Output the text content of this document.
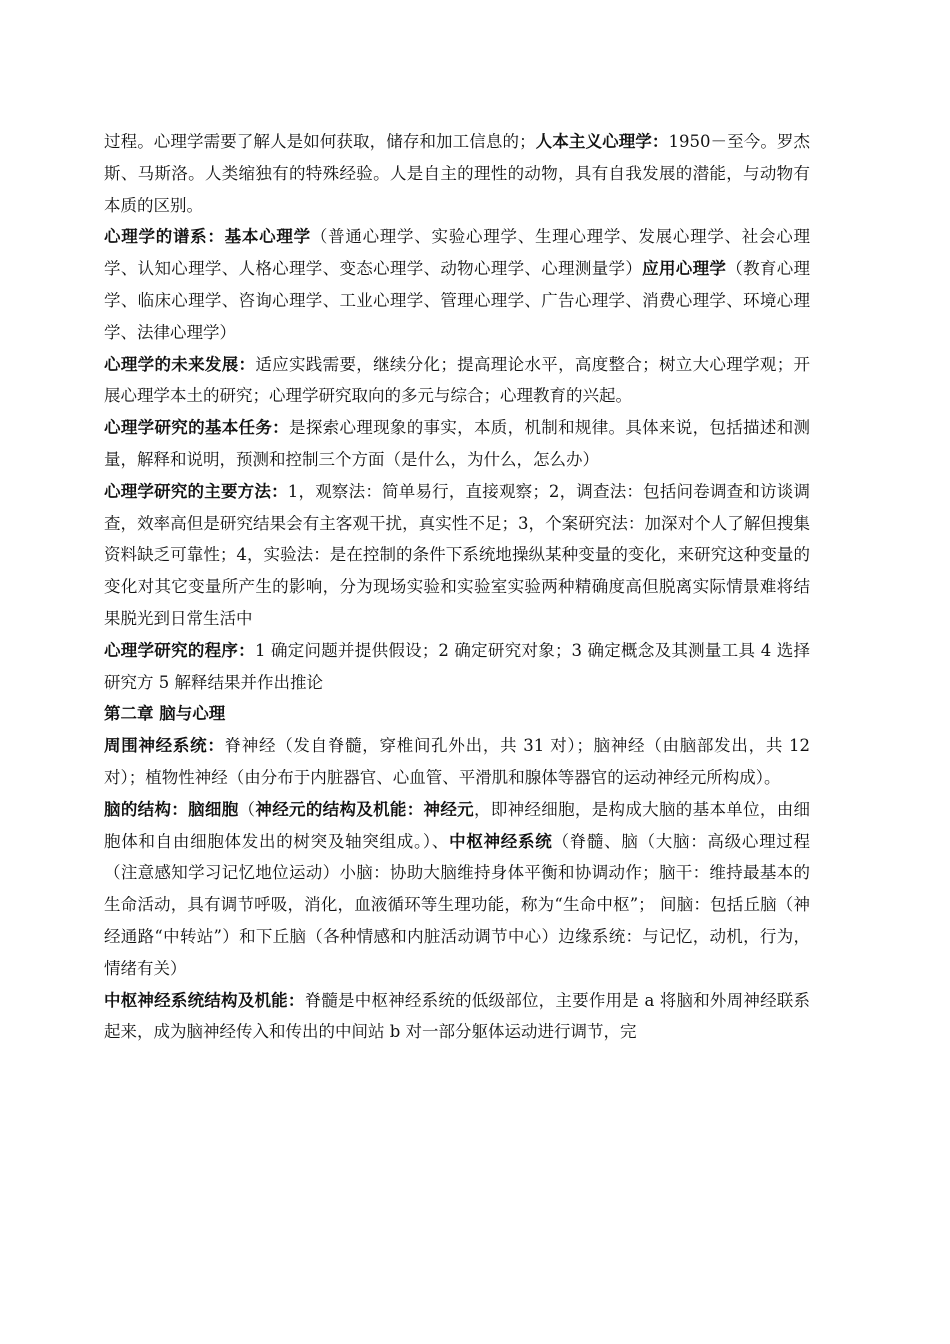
过程。心理学需要了解人是如何获取，储存和加工信息的；人本主义心理学：1950－至今。罗杰斯、马斯洛。人类缩独有的特殊经验。人是自主的理性的动物，具有自我发展的潜能，与动物有本质的区别。

心理学的谱系：基本心理学（普通心理学、实验心理学、生理心理学、发展心理学、社会心理学、认知心理学、人格心理学、变态心理学、动物心理学、心理测量学）应用心理学（教育心理学、临床心理学、咨询心理学、工业心理学、管理心理学、广告心理学、消费心理学、环境心理学、法律心理学）

心理学的未来发展：适应实践需要，继续分化；提高理论水平，高度整合；树立大心理学观；开展心理学本土的研究；心理学研究取向的多元与综合；心理教育的兴起。

心理学研究的基本任务：是探索心理现象的事实，本质，机制和规律。具体来说，包括描述和测量，解释和说明，预测和控制三个方面（是什么，为什么，怎么办）

心理学研究的主要方法：1，观察法：简单易行，直接观察；2，调查法：包括问卷调查和访谈调查，效率高但是研究结果会有主客观干扰，真实性不足；3，个案研究法：加深对个人了解但搜集资料缺乏可靠性；4，实验法：是在控制的条件下系统地操纵某种变量的变化，来研究这种变量的变化对其它变量所产生的影响，分为现场实验和实验室实验两种精确度高但脱离实际情景难将结果脱光到日常生活中

心理学研究的程序：1 确定问题并提供假设；2 确定研究对象；3 确定概念及其测量工具 4 选择研究方 5 解释结果并作出推论

第二章 脑与心理

周围神经系统：脊神经（发自脊髓，穿椎间孔外出，共 31 对）；脑神经（由脑部发出，共 12 对）；植物性神经（由分布于内脏器官、心血管、平滑肌和腺体等器官的运动神经元所构成）。

脑的结构：脑细胞（神经元的结构及机能：神经元，即神经细胞，是构成大脑的基本单位，由细胞体和自由细胞体发出的树突及轴突组成。）、中枢神经系统（脊髓、脑（大脑：高级心理过程（注意感知学习记忆地位运动）小脑：协助大脑维持身体平衡和协调动作；脑干：维持最基本的生命活动，具有调节呼吸，消化，血液循环等生理功能，称为“生命中枢”； 间脑：包括丘脑（神经通路“中转站”）和下丘脑（各种情感和内脏活动调节中心）边缘系统：与记忆，动机，行为，情绪有关）

中枢神经系统结构及机能：脊髓是中枢神经系统的低级部位，主要作用是 a 将脑和外周神经联系起来，成为脑神经传入和传出的中间站 b 对一部分躯体运动进行调节，完
